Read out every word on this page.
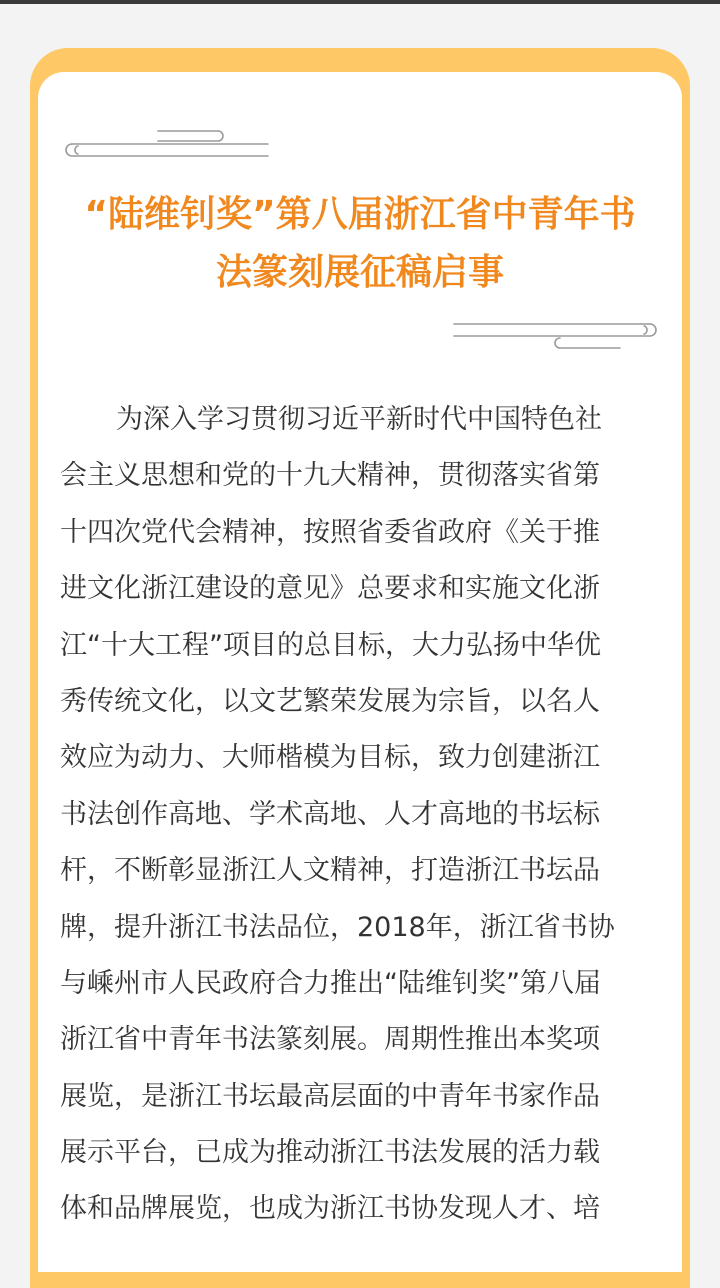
“陆维钊奖”第八届浙江省中青年书
法篆刻展征稿启事
为深入学习贯彻习近平新时代中国特色社
会主义思想和党的十九大精神，贯彻落实省第
十四次党代会精神，按照省委省政府《关于推
进文化浙江建设的意见》总要求和实施文化浙
江“十大工程”项目的总目标，大力弘扬中华优
秀传统文化，以文艺繁荣发展为宗旨，以名人
效应为动力、大师楷模为目标，致力创建浙江
书法创作高地、学术高地、人才高地的书坛标
杆，不断彰显浙江人文精神，打造浙江书坛品
牌，提升浙江书法品位，2018年，浙江省书协
与嵊州市人民政府合力推出“陆维钊奖”第八届
浙江省中青年书法篆刻展。周期性推出本奖项
展览，是浙江书坛最高层面的中青年书家作品
展示平台，已成为推动浙江书法发展的活力载
体和品牌展览，也成为浙江书协发现人才、培
